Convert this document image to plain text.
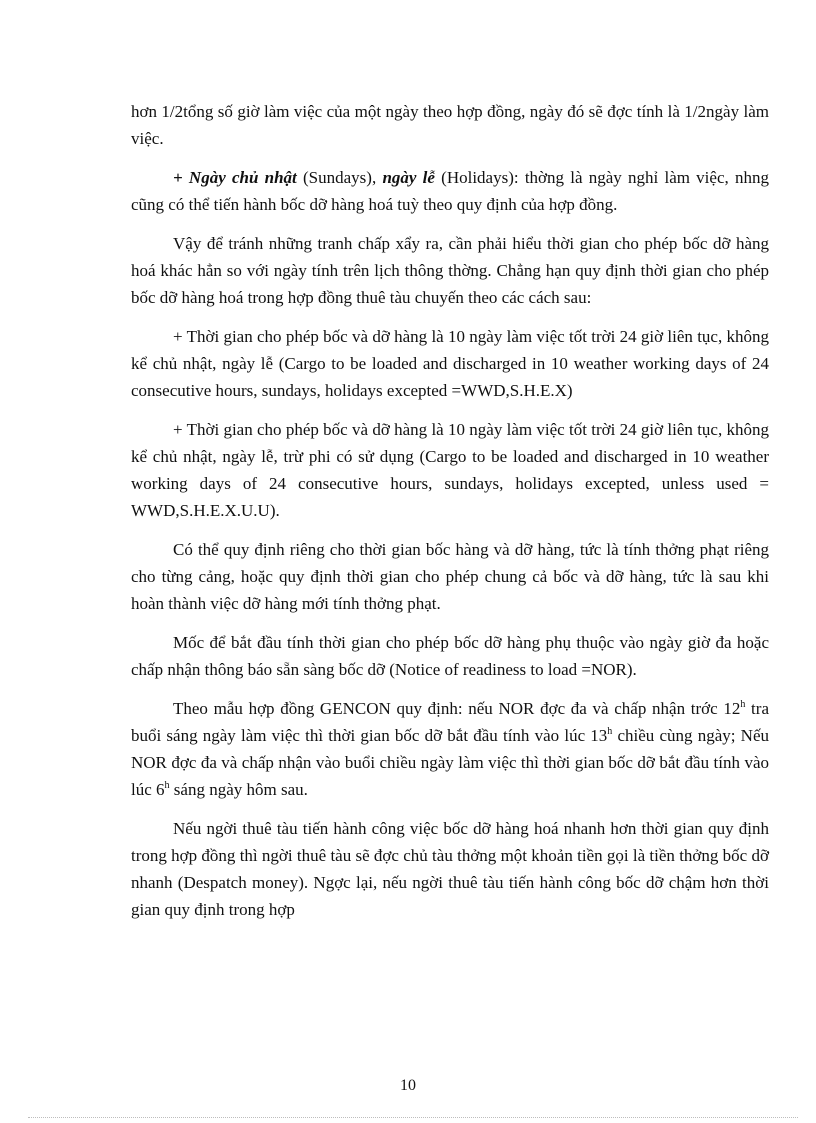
hơn 1/2tổng số giờ làm việc của một ngày theo hợp đồng, ngày đó sẽ đợc tính là 1/2ngày làm việc.

+ Ngày chủ nhật (Sundays), ngày lễ (Holidays): thờng là ngày nghỉ làm việc, nhng cũng có thể tiến hành bốc dỡ hàng hoá tuỳ theo quy định của hợp đồng.

Vậy để tránh những tranh chấp xẩy ra, cần phải hiểu thời gian cho phép bốc dỡ hàng hoá khác hẳn so với ngày tính trên lịch thông thờng. Chẳng hạn quy định thời gian cho phép bốc dỡ hàng hoá trong hợp đồng thuê tàu chuyến theo các cách sau:

+ Thời gian cho phép bốc và dỡ hàng là 10 ngày làm việc tốt trời 24 giờ liên tục, không kể chủ nhật, ngày lễ (Cargo to be loaded and discharged in 10 weather working days of 24 consecutive hours, sundays, holidays excepted =WWD,S.H.E.X)

+ Thời gian cho phép bốc và dỡ hàng là 10 ngày làm việc tốt trời 24 giờ liên tục, không kể chủ nhật, ngày lễ, trừ phi có sử dụng (Cargo to be loaded and discharged in 10 weather working days of 24 consecutive hours, sundays, holidays excepted, unless used = WWD,S.H.E.X.U.U).

Có thể quy định riêng cho thời gian bốc hàng và dỡ hàng, tức là tính thởng phạt riêng cho từng cảng, hoặc quy định thời gian cho phép chung cả bốc và dỡ hàng, tức là sau khi hoàn thành việc dỡ hàng mới tính thởng phạt.

Mốc để bắt đầu tính thời gian cho phép bốc dỡ hàng phụ thuộc vào ngày giờ đa hoặc chấp nhận thông báo sẵn sàng bốc dỡ (Notice of readiness to load =NOR).

Theo mẫu hợp đồng GENCON quy định: nếu NOR đợc đa và chấp nhận trớc 12$^h$ tra buổi sáng ngày làm việc thì thời gian bốc dỡ bắt đầu tính vào lúc 13$^h$ chiều cùng ngày; Nếu NOR đợc đa và chấp nhận vào buổi chiều ngày làm việc thì thời gian bốc dỡ bắt đầu tính vào lúc 6$^h$ sáng ngày hôm sau.

Nếu ngời thuê tàu tiến hành công việc bốc dỡ hàng hoá nhanh hơn thời gian quy định trong hợp đồng thì ngời thuê tàu sẽ đợc chủ tàu thởng một khoản tiền gọi là tiền thởng bốc dỡ nhanh (Despatch money). Ngợc lại, nếu ngời thuê tàu tiến hành công bốc dỡ chậm hơn thời gian quy định trong hợp

10
